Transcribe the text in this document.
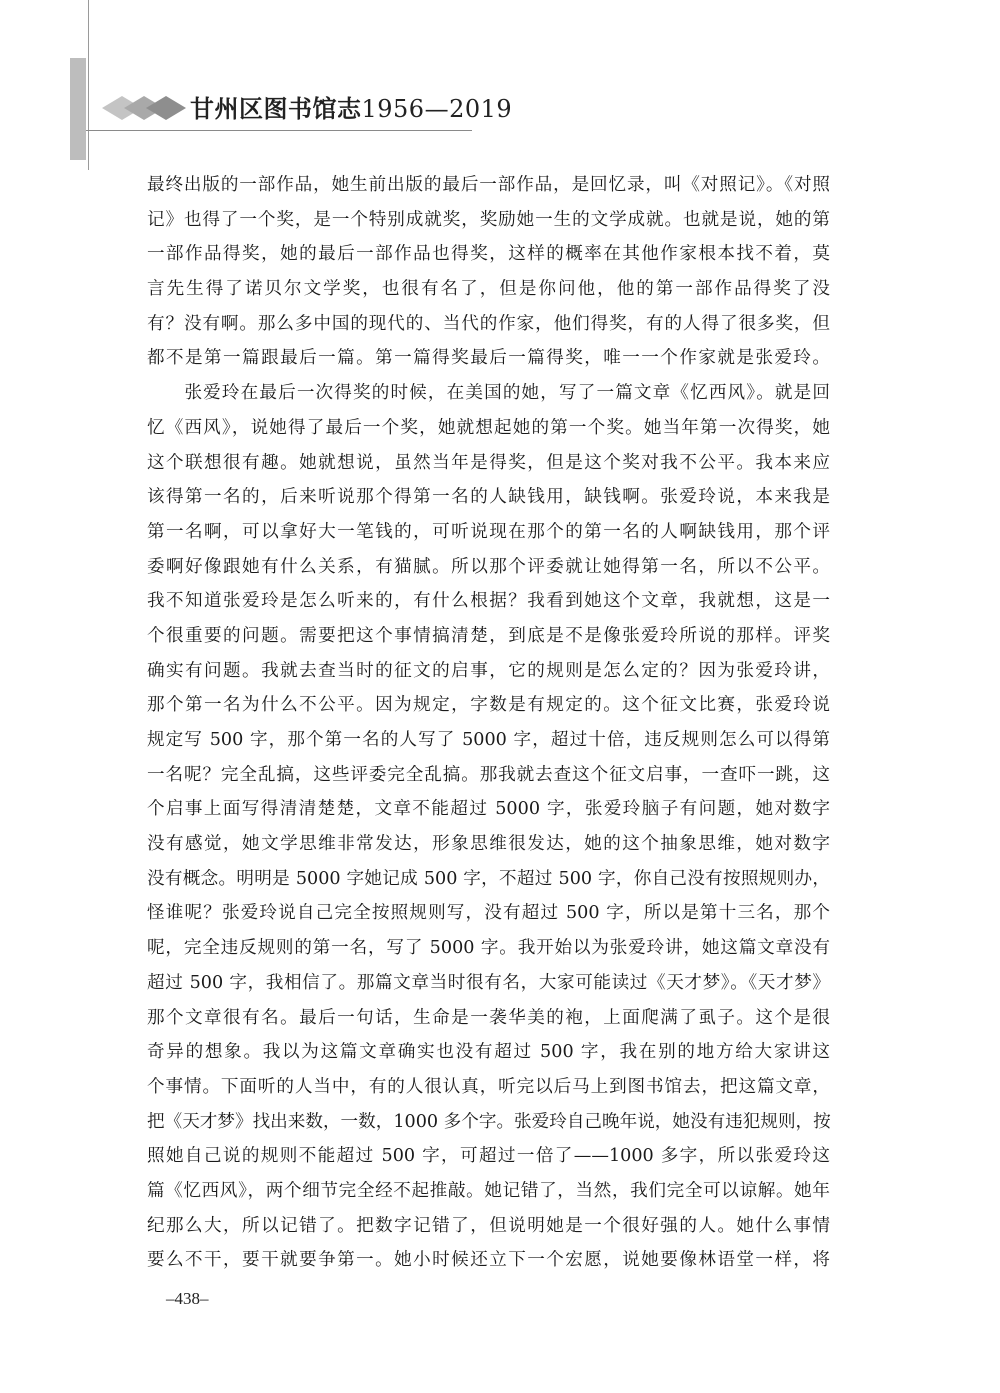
甘州区图书馆志1956—2019
最终出版的一部作品，她生前出版的最后一部作品，是回忆录，叫《对照记》。《对照
记》也得了一个奖，是一个特别成就奖，奖励她一生的文学成就。也就是说，她的第
一部作品得奖，她的最后一部作品也得奖，这样的概率在其他作家根本找不着，莫
言先生得了诺贝尔文学奖，也很有名了，但是你问他，他的第一部作品得奖了没
有？没有啊。那么多中国的现代的、当代的作家，他们得奖，有的人得了很多奖，但
都不是第一篇跟最后一篇。第一篇得奖最后一篇得奖，唯一一个作家就是张爱玲。
　　张爱玲在最后一次得奖的时候，在美国的她，写了一篇文章《忆西风》。就是回
忆《西风》，说她得了最后一个奖，她就想起她的第一个奖。她当年第一次得奖，她
这个联想很有趣。她就想说，虽然当年是得奖，但是这个奖对我不公平。我本来应
该得第一名的，后来听说那个得第一名的人缺钱用，缺钱啊。张爱玲说，本来我是
第一名啊，可以拿好大一笔钱的，可听说现在那个的第一名的人啊缺钱用，那个评
委啊好像跟她有什么关系，有猫腻。所以那个评委就让她得第一名，所以不公平。
我不知道张爱玲是怎么听来的，有什么根据？我看到她这个文章，我就想，这是一
个很重要的问题。需要把这个事情搞清楚，到底是不是像张爱玲所说的那样。评奖
确实有问题。我就去查当时的征文的启事，它的规则是怎么定的？因为张爱玲讲，
那个第一名为什么不公平。因为规定，字数是有规定的。这个征文比赛，张爱玲说
规定写 500 字，那个第一名的人写了 5000 字，超过十倍，违反规则怎么可以得第
一名呢？完全乱搞，这些评委完全乱搞。那我就去查这个征文启事，一查吓一跳，这
个启事上面写得清清楚楚，文章不能超过 5000 字，张爱玲脑子有问题，她对数字
没有感觉，她文学思维非常发达，形象思维很发达，她的这个抽象思维，她对数字
没有概念。明明是 5000 字她记成 500 字，不超过 500 字，你自己没有按照规则办，
怪谁呢？张爱玲说自己完全按照规则写，没有超过 500 字，所以是第十三名，那个
呢，完全违反规则的第一名，写了 5000 字。我开始以为张爱玲讲，她这篇文章没有
超过 500 字，我相信了。那篇文章当时很有名，大家可能读过《天才梦》。《天才梦》
那个文章很有名。最后一句话，生命是一袭华美的袍，上面爬满了虱子。这个是很
奇异的想象。我以为这篇文章确实也没有超过 500 字，我在别的地方给大家讲这
个事情。下面听的人当中，有的人很认真，听完以后马上到图书馆去，把这篇文章，
把《天才梦》找出来数，一数，1000 多个字。张爱玲自己晚年说，她没有违犯规则，按
照她自己说的规则不能超过 500 字，可超过一倍了——1000 多字，所以张爱玲这
篇《忆西风》，两个细节完全经不起推敲。她记错了，当然，我们完全可以谅解。她年
纪那么大，所以记错了。把数字记错了，但说明她是一个很好强的人。她什么事情
要么不干，要干就要争第一。她小时候还立下一个宏愿，说她要像林语堂一样，将
–438–
